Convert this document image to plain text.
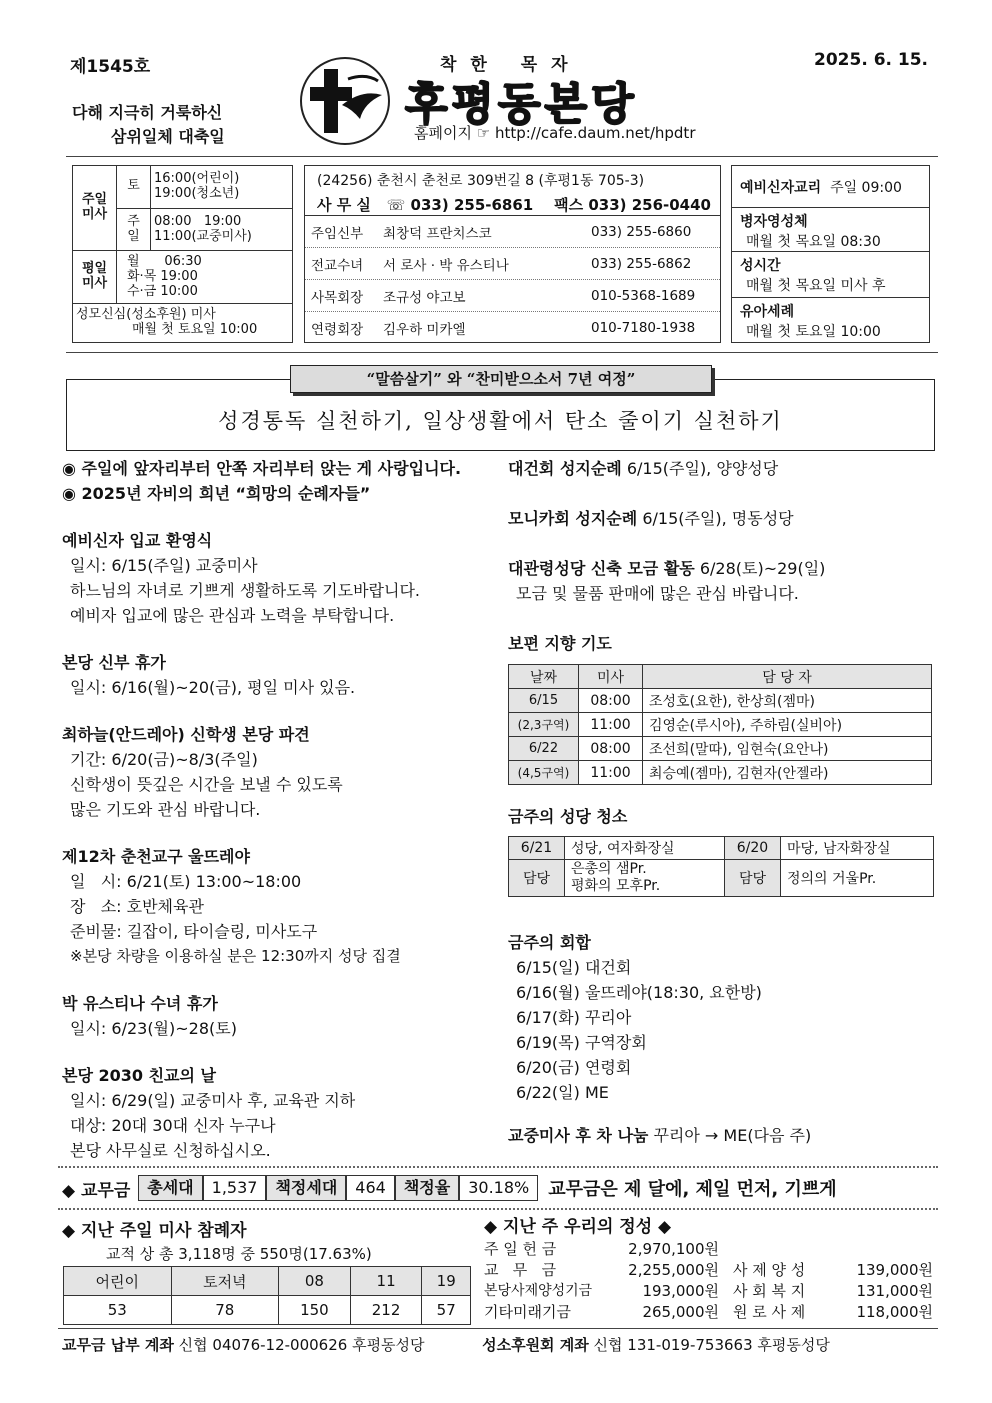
제1545호	2025. 6. 15.
다해 지극히 거룩하신
삼위일체 대축일
착한 목자
후평동본당
홈페이지 ☞ http://cafe.daum.net/hpdtr
주일 미사	토	16:00(어린이)
19:00(청소년)

	주 일	08:00   19:00
11:00(교중미사)

평일 미사	월      06:30
화·목 19:00
수·금 10:00	

성모신심(성소후원) 미사
매월 첫 토요일 10:00		
(24256) 춘천시 춘천로 309번길 8 (후평1동 705-3)
사 무 실   ☏ 033) 255-6861    팩스 033) 256-0440
주임신부	최창덕 프란치스코	033) 255-6860
전교수녀	서 로사 · 박 유스티나	033) 255-6862
사목회장	조규성 야고보	010-5368-1689
연령회장	김우하 미카엘	010-7180-1938
예비신자교리
주일 09:00
병자영성체
매월 첫 목요일 08:30
성시간
매월 첫 목요일 미사 후
유아세례
매월 첫 토요일 10:00
“말씀살기” 와 “찬미받으소서 7년 여정”
성경통독 실천하기, 일상생활에서 탄소 줄이기 실천하기
◉ 주일에 앞자리부터 안쪽 자리부터 앉는 게 사랑입니다.
◉ 2025년 자비의 희년 “희망의 순례자들”
예비신자 입교 환영식
일시: 6/15(주일) 교중미사
하느님의 자녀로 기쁘게 생활하도록 기도바랍니다.
예비자 입교에 많은 관심과 노력을 부탁합니다.
본당 신부 휴가
일시: 6/16(월)~20(금), 평일 미사 있음.
최하늘(안드레아) 신학생 본당 파견
기간: 6/20(금)~8/3(주일)
신학생이 뜻깊은 시간을 보낼 수 있도록
많은 기도와 관심 바랍니다.
제12차 춘천교구 울뜨레야
일   시: 6/21(토) 13:00~18:00
장   소: 호반체육관
준비물: 길잡이, 타이슬링, 미사도구
※본당 차량을 이용하실 분은 12:30까지 성당 집결
박 유스티나 수녀 휴가
일시: 6/23(월)~28(토)
본당 2030 친교의 날
일시: 6/29(일) 교중미사 후, 교육관 지하
대상: 20대 30대 신자 누구나
본당 사무실로 신청하십시오.
대건회 성지순례 6/15(주일), 양양성당
모니카회 성지순례 6/15(주일), 명동성당
대관령성당 신축 모금 활동 6/28(토)~29(일)
모금 및 물품 판매에 많은 관심 바랍니다.
보편 지향 기도
날짜	미사	담 당 자
6/15	08:00	조성호(요한), 한상희(젬마)
(2,3구역)	11:00	김영순(루시아), 주하림(실비아)
6/22	08:00	조선희(말따), 임현숙(요안나)
(4,5구역)	11:00	최승예(젬마), 김현자(안젤라)
금주의 성당 청소
6/21	성당, 여자화장실	6/20	마당, 남자화장실
담당	은총의 샘Pr.
평화의 모후Pr.	담당	정의의 거울Pr.
금주의 회합
6/15(일) 대건회
6/16(월) 울뜨레야(18:30, 요한방)
6/17(화) 꾸리아
6/19(목) 구역장회
6/20(금) 연령회
6/22(일) ME
교중미사 후 차 나눔 꾸리아 → ME(다음 주)
◆ 교무금	총세대	1,537	책정세대	464	책정율	30.18%	교무금은 제 달에, 제일 먼저, 기쁘게
◆ 지난 주일 미사 참례자
교적 상 총 3,118명 중 550명(17.63%)
어린이	토저녁	08	11	19
53	78	150	212	57
◆ 지난 주 우리의 정성 ◆
주 일 헌 금	2,970,100원
교   무   금	2,255,000원 사 제 양 성	139,000원
본당사제양성기금	193,000원 사 회 복 지	131,000원
기타미래기금	265,000원 원 로 사 제	118,000원
교무금 납부 계좌 신협 04076-12-000626 후평동성당	성소후원회 계좌 신협 131-019-753663 후평동성당
